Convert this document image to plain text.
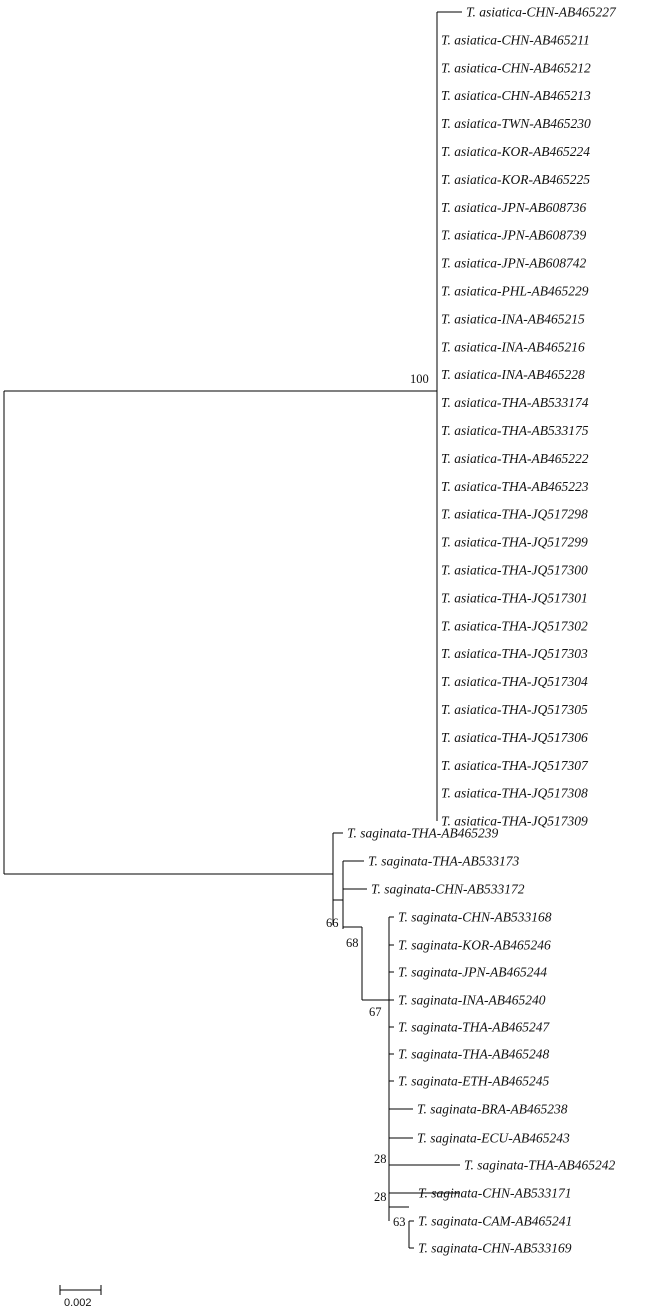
T. asiatica-CHN-AB465227
T. asiatica-CHN-AB465211
T. asiatica-CHN-AB465212
T. asiatica-CHN-AB465213
T. asiatica-TWN-AB465230
T. asiatica-KOR-AB465224
T. asiatica-KOR-AB465225
T. asiatica-JPN-AB608736
T. asiatica-JPN-AB608739
T. asiatica-JPN-AB608742
T. asiatica-PHL-AB465229
T. asiatica-INA-AB465215
T. asiatica-INA-AB465216
T. asiatica-INA-AB465228
T. asiatica-THA-AB533174
T. asiatica-THA-AB533175
T. asiatica-THA-AB465222
T. asiatica-THA-AB465223
T. asiatica-THA-JQ517298
T. asiatica-THA-JQ517299
T. asiatica-THA-JQ517300
T. asiatica-THA-JQ517301
T. asiatica-THA-JQ517302
T. asiatica-THA-JQ517303
T. asiatica-THA-JQ517304
T. asiatica-THA-JQ517305
T. asiatica-THA-JQ517306
T. asiatica-THA-JQ517307
T. asiatica-THA-JQ517308
T. asiatica-THA-JQ517309
T. saginata-THA-AB465239
T. saginata-THA-AB533173
T. saginata-CHN-AB533172
T. saginata-CHN-AB533168
T. saginata-KOR-AB465246
T. saginata-JPN-AB465244
T. saginata-INA-AB465240
T. saginata-THA-AB465247
T. saginata-THA-AB465248
T. saginata-ETH-AB465245
T. saginata-BRA-AB465238
T. saginata-ECU-AB465243
T. saginata-THA-AB465242
T. saginata-CHN-AB533171
T. saginata-CAM-AB465241
T. saginata-CHN-AB533169
100
66
68
67
28
28
63
0.002
